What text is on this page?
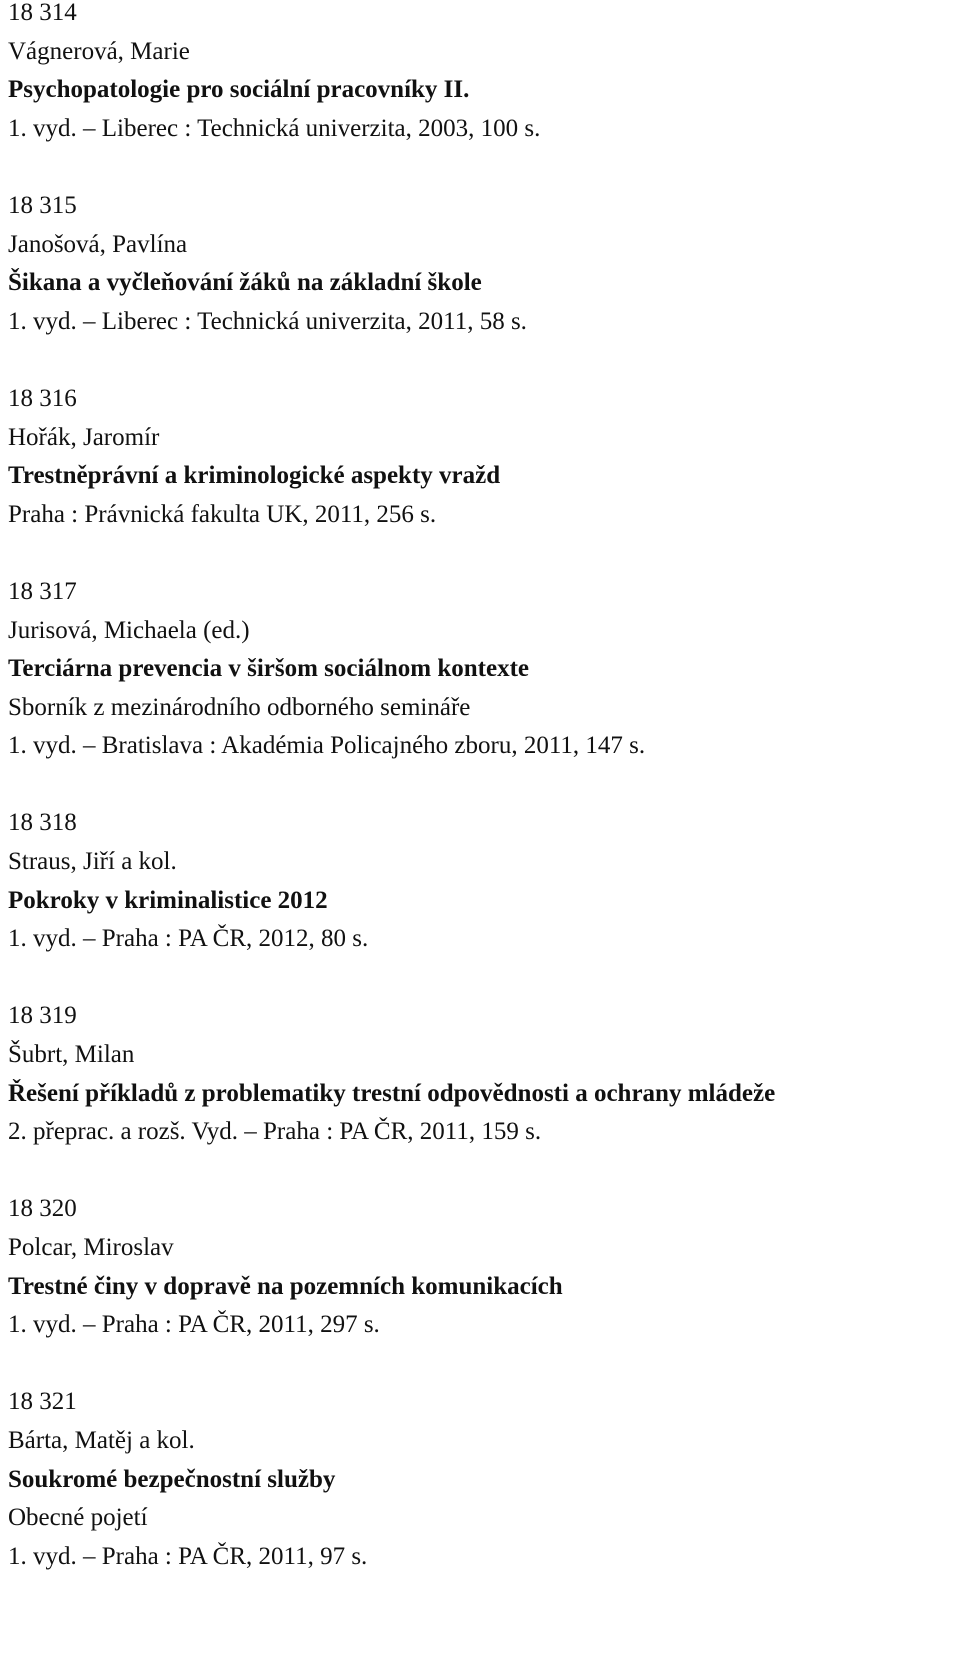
18 314
Vágnerová, Marie
Psychopatologie pro sociální pracovníky II.
1. vyd. – Liberec : Technická univerzita, 2003, 100 s.
18 315
Janošová, Pavlína
Šikana a vyčleňování žáků na základní škole
1. vyd. – Liberec : Technická univerzita, 2011, 58 s.
18 316
Hořák, Jaromír
Trestněprávní a kriminologické aspekty vražd
Praha : Právnická fakulta UK, 2011, 256 s.
18 317
Jurisová, Michaela (ed.)
Terciárna prevencia v širšom sociálnom kontexte
Sborník z mezinárodního odborného semináře
1. vyd. – Bratislava : Akadémia Policajného zboru, 2011, 147 s.
18 318
Straus, Jiří a kol.
Pokroky v kriminalistice 2012
1. vyd. – Praha : PA ČR, 2012, 80 s.
18 319
Šubrt, Milan
Řešení příkladů z problematiky trestní odpovědnosti a ochrany mládeže
2. přeprac. a rozš. Vyd. – Praha : PA ČR, 2011, 159 s.
18 320
Polcar, Miroslav
Trestné činy v dopravě na pozemních komunikacích
1. vyd. – Praha : PA ČR, 2011, 297 s.
18 321
Bárta, Matěj a kol.
Soukromé bezpečnostní služby
Obecné pojetí
1. vyd. – Praha : PA ČR, 2011, 97 s.
